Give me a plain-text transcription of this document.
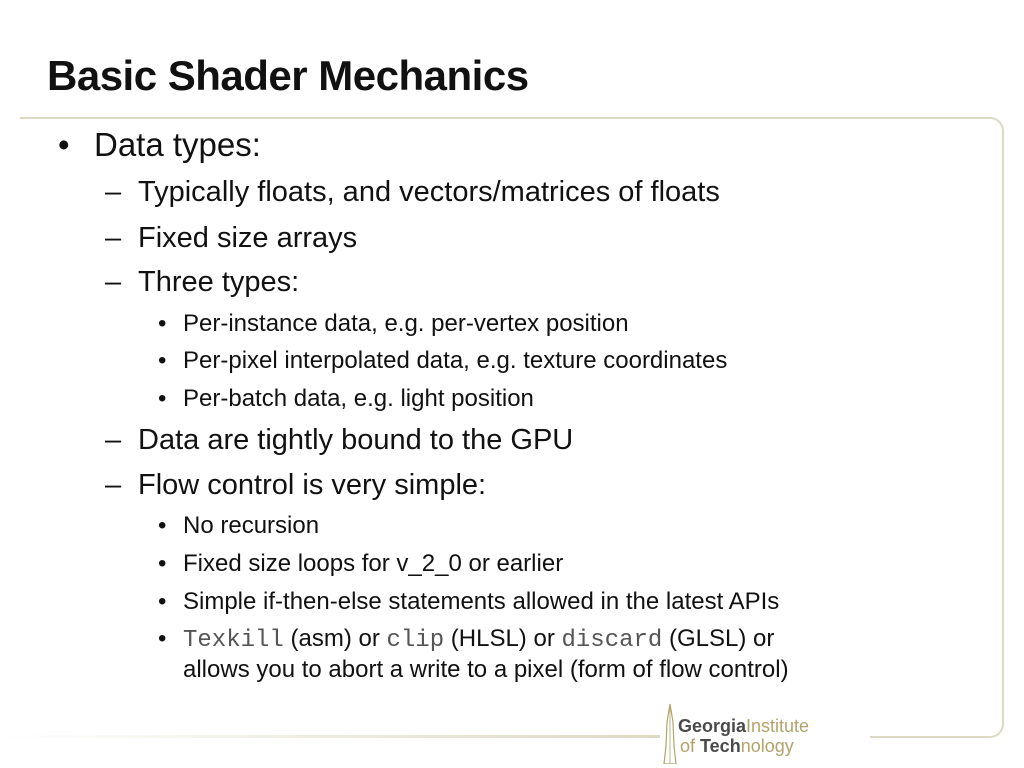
Basic Shader Mechanics
• Data types:
– Typically floats, and vectors/matrices of floats
– Fixed size arrays
– Three types:
• Per-instance data, e.g. per-vertex position
• Per-pixel interpolated data, e.g. texture coordinates
• Per-batch data, e.g. light position
– Data are tightly bound to the GPU
– Flow control is very simple:
• No recursion
• Fixed size loops for v_2_0 or earlier
• Simple if-then-else statements allowed in the latest APIs
• Texkill (asm) or clip (HLSL) or discard (GLSL) or
allows you to abort a write to a pixel (form of flow control)
GeorgiaInstitute
of Technology
